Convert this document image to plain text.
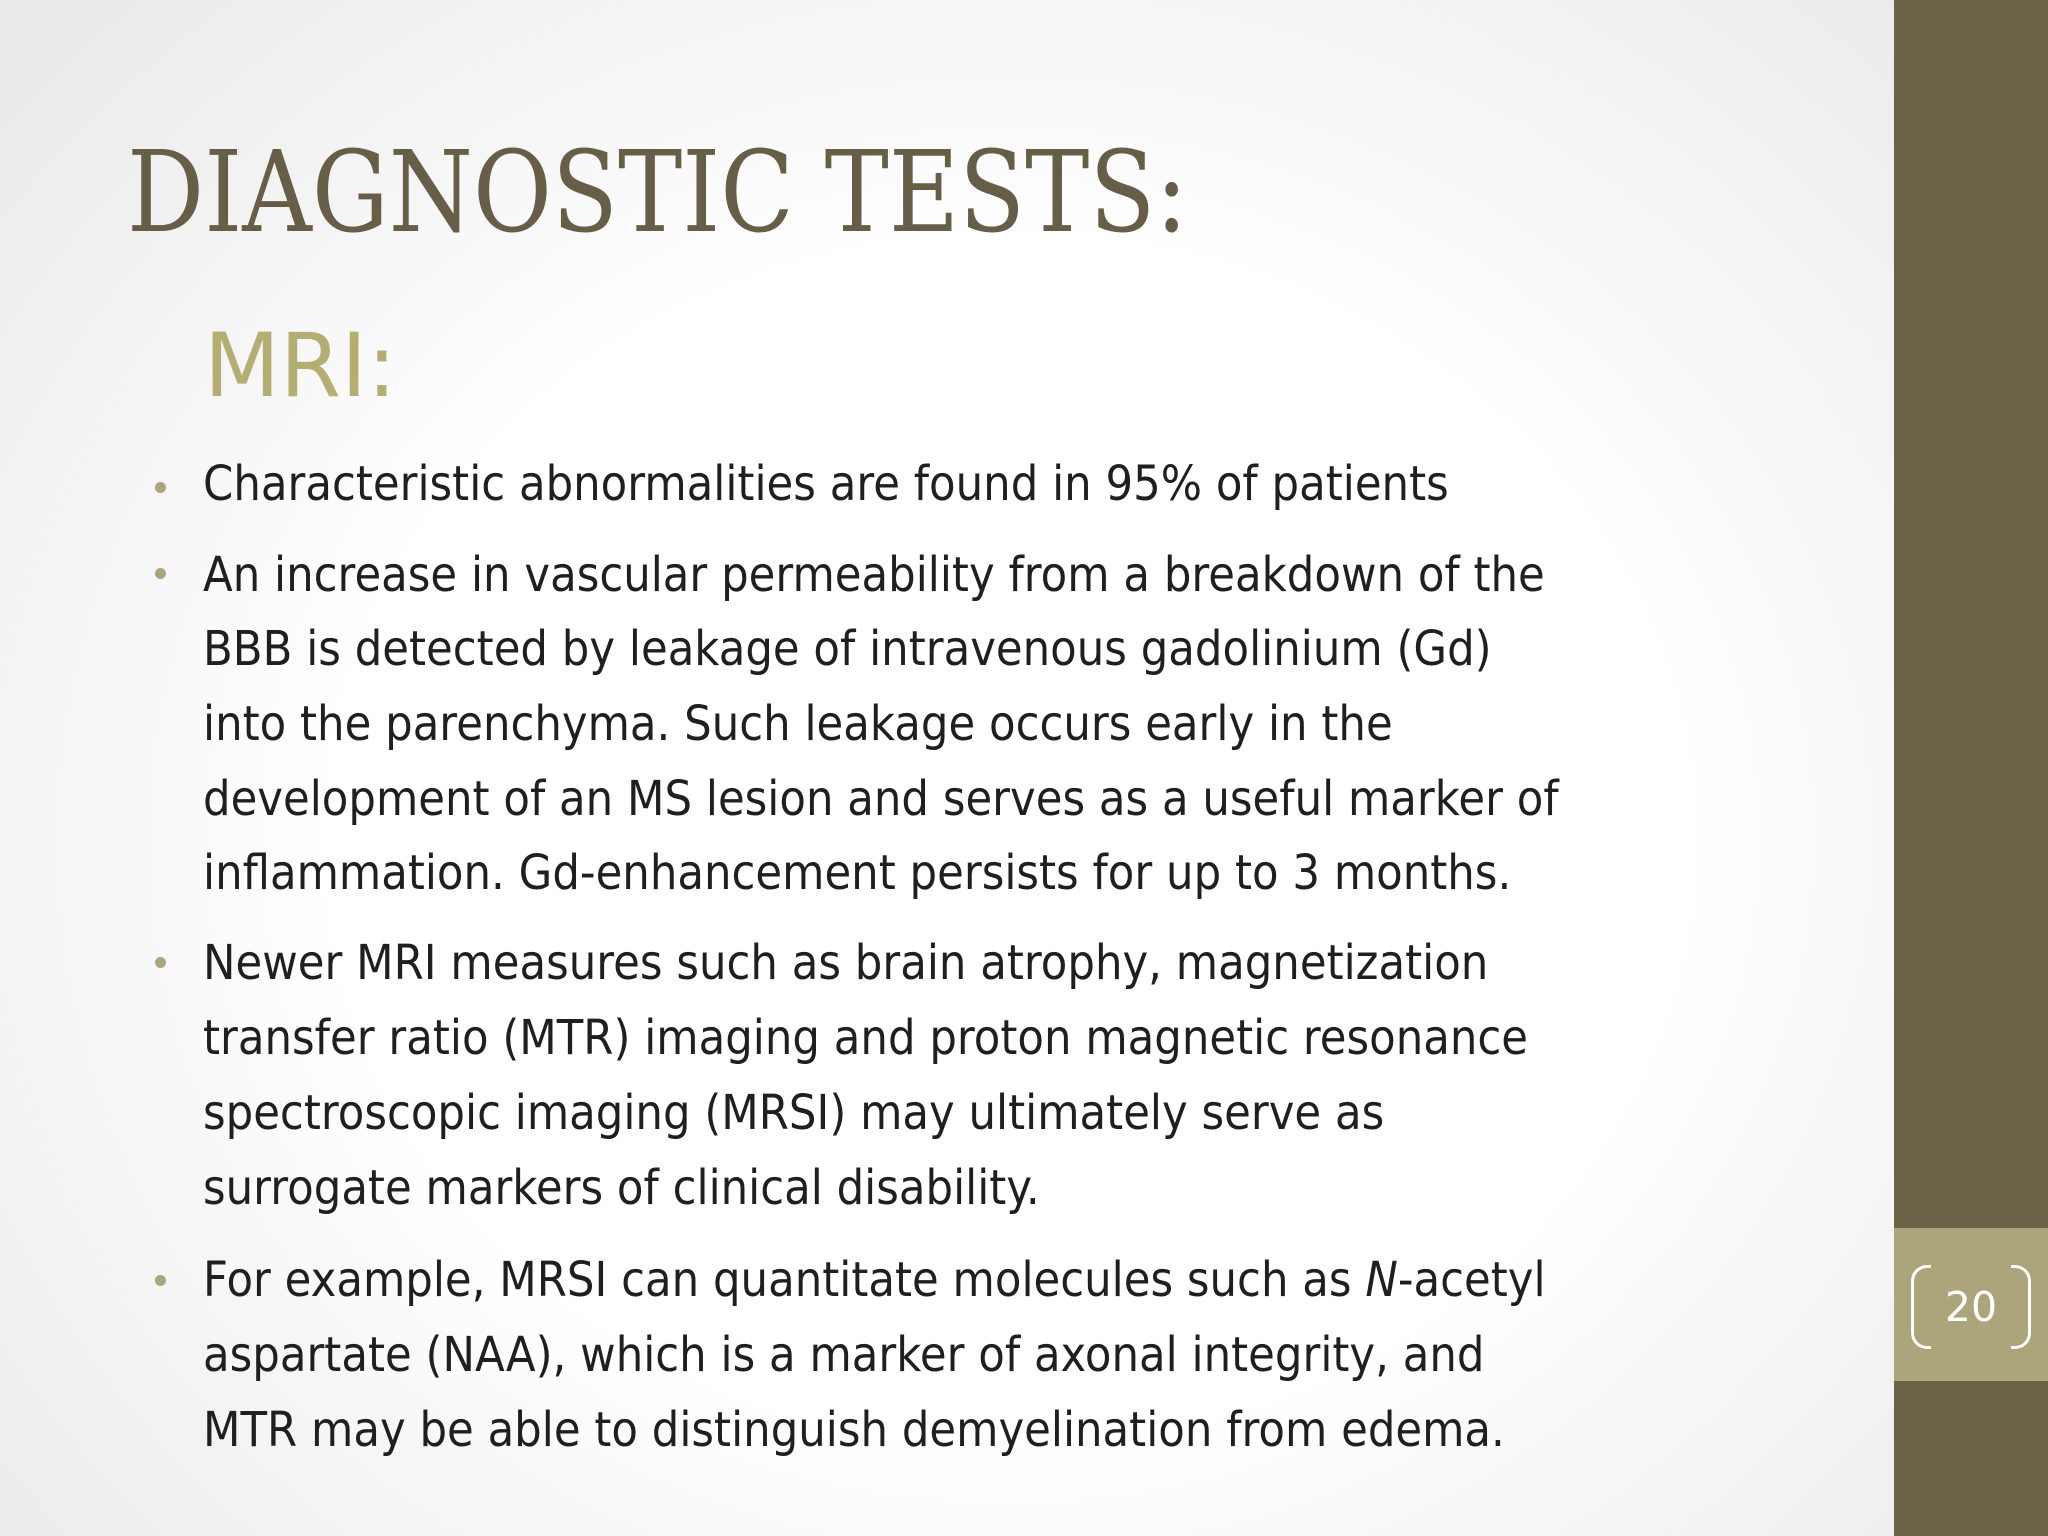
20
DIAGNOSTIC TESTS:
MRI:
Characteristic abnormalities are found in 95% of patients
An increase in vascular permeability from a breakdown of the
BBB is detected by leakage of intravenous gadolinium (Gd)
into the parenchyma. Such leakage occurs early in the
development of an MS lesion and serves as a useful marker of
inflammation. Gd-enhancement persists for up to 3 months.
Newer MRI measures such as brain atrophy, magnetization
transfer ratio (MTR) imaging and proton magnetic resonance
spectroscopic imaging (MRSI) may ultimately serve as
surrogate markers of clinical disability.
For example, MRSI can quantitate molecules such as N-acetyl
aspartate (NAA), which is a marker of axonal integrity, and
MTR may be able to distinguish demyelination from edema.
